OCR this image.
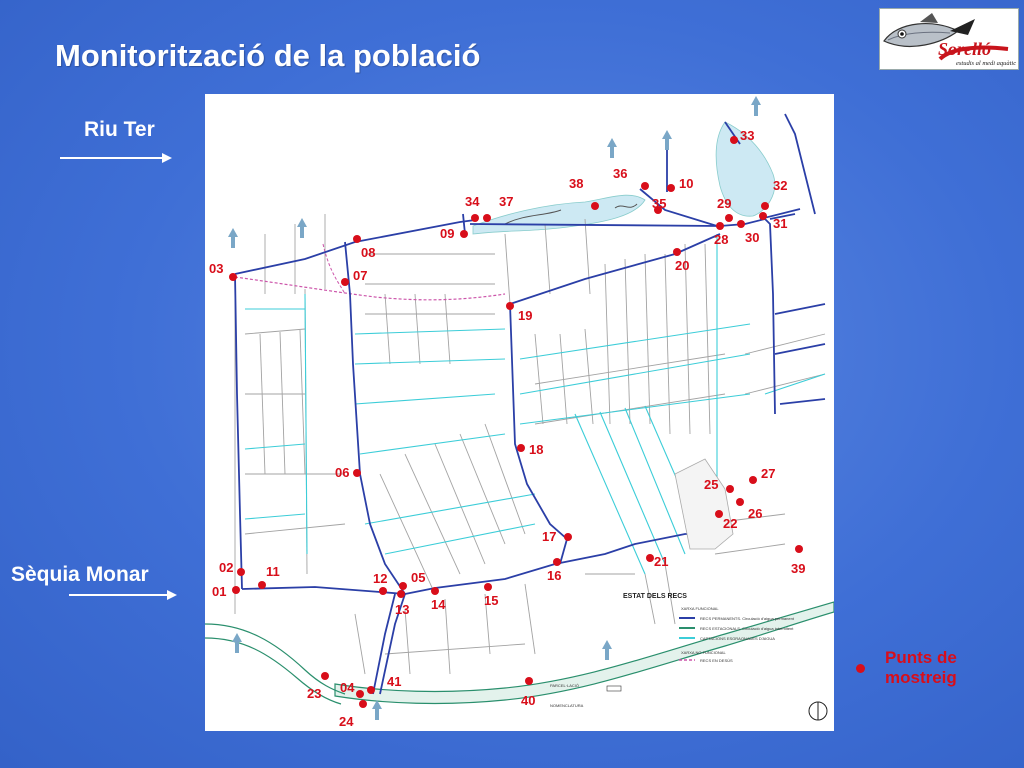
Monitorització de la població	Sorelló
estudis al medi aquàtic
Riu Ter
Sèquia Monar
Punts de
mostreig
ESTAT DELS RECS
XARXA FUNCIONAL
RECS PERMANENTS. Circulació d'aigua permanent
RECS ESTACIONALS. Circulació d'aigua intermitent
CAPTACIONS ESGRAONADES D'AIGUA
XARXA NO FUNCIONAL
RECS EN DESÚS
PARCEL·LACIÓ
NOMENCLATURA
01
02
03
04
05
06
07
08
09
10
11	12
13 14	15
16
17
18
19
20
21
22
23
24
25
26
27
28
29
30
31
32
33
34	35
36
37
38
39
40
41
